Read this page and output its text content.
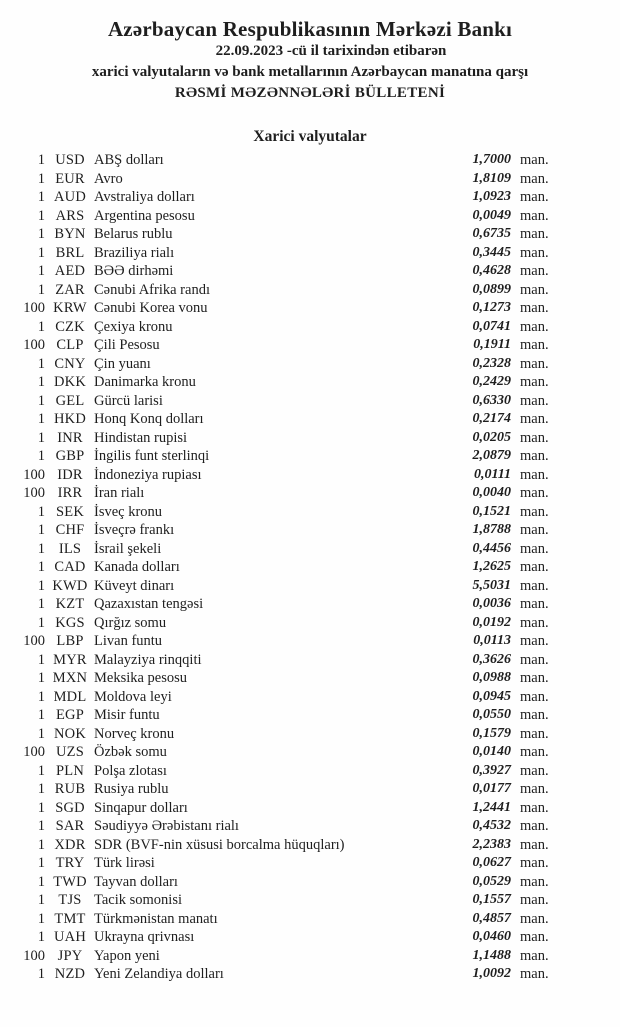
Azərbaycan Respublikasının Mərkəzi Bankı
22.09.2023 -cü il tarixindən etibarən
xarici valyutaların və bank metallarının Azərbaycan manatına qarşı
RƏSMİ MƏZƏNNƏLƏRİ BÜLLETENİ
Xarici valyutalar
1 USD ABŞ dolları	1,7000 man.
1 EUR Avro	1,8109 man.
1 AUD Avstraliya dolları	1,0923 man.
1 ARS Argentina pesosu	0,0049 man.
1 BYN Belarus rublu	0,6735 man.
1 BRL Braziliya rialı	0,3445 man.
1 AED BƏƏ dirhəmi	0,4628 man.
1 ZAR Cənubi Afrika randı	0,0899 man.
100 KRW Cənubi Korea vonu	0,1273 man.
1 CZK Çexiya kronu	0,0741 man.
100 CLP Çili Pesosu	0,1911 man.
1 CNY Çin yuanı	0,2328 man.
1 DKK Danimarka kronu	0,2429 man.
1 GEL Gürcü larisi	0,6330 man.
1 HKD Honq Konq dolları	0,2174 man.
1 INR Hindistan rupisi	0,0205 man.
1 GBP İngilis funt sterlinqi	2,0879 man.
100 IDR İndoneziya rupiası	0,0111 man.
100 IRR İran rialı	0,0040 man.
1 SEK İsveç kronu	0,1521 man.
1 CHF İsveçrə frankı	1,8788 man.
1 ILS İsrail şekeli	0,4456 man.
1 CAD Kanada dolları	1,2625 man.
1 KWD Küveyt dinarı	5,5031 man.
1 KZT Qazaxıstan tengəsi	0,0036 man.
1 KGS Qırğız somu	0,0192 man.
100 LBP Livan funtu	0,0113 man.
1 MYR Malayziya rinqqiti	0,3626 man.
1 MXN Meksika pesosu	0,0988 man.
1 MDL Moldova leyi	0,0945 man.
1 EGP Misir funtu	0,0550 man.
1 NOK Norveç kronu	0,1579 man.
100 UZS Özbək somu	0,0140 man.
1 PLN Polşa zlotası	0,3927 man.
1 RUB Rusiya rublu	0,0177 man.
1 SGD Sinqapur dolları	1,2441 man.
1 SAR Səudiyyə Ərəbistanı rialı	0,4532 man.
1 XDR SDR (BVF-nin xüsusi borcalma hüquqları)	2,2383 man.
1 TRY Türk lirəsi	0,0627 man.
1 TWD Tayvan dolları	0,0529 man.
1 TJS Tacik somonisi	0,1557 man.
1 TMT Türkmənistan manatı	0,4857 man.
1 UAH Ukrayna qrivnası	0,0460 man.
100 JPY Yapon yeni	1,1488 man.
1 NZD Yeni Zelandiya dolları	1,0092 man.
